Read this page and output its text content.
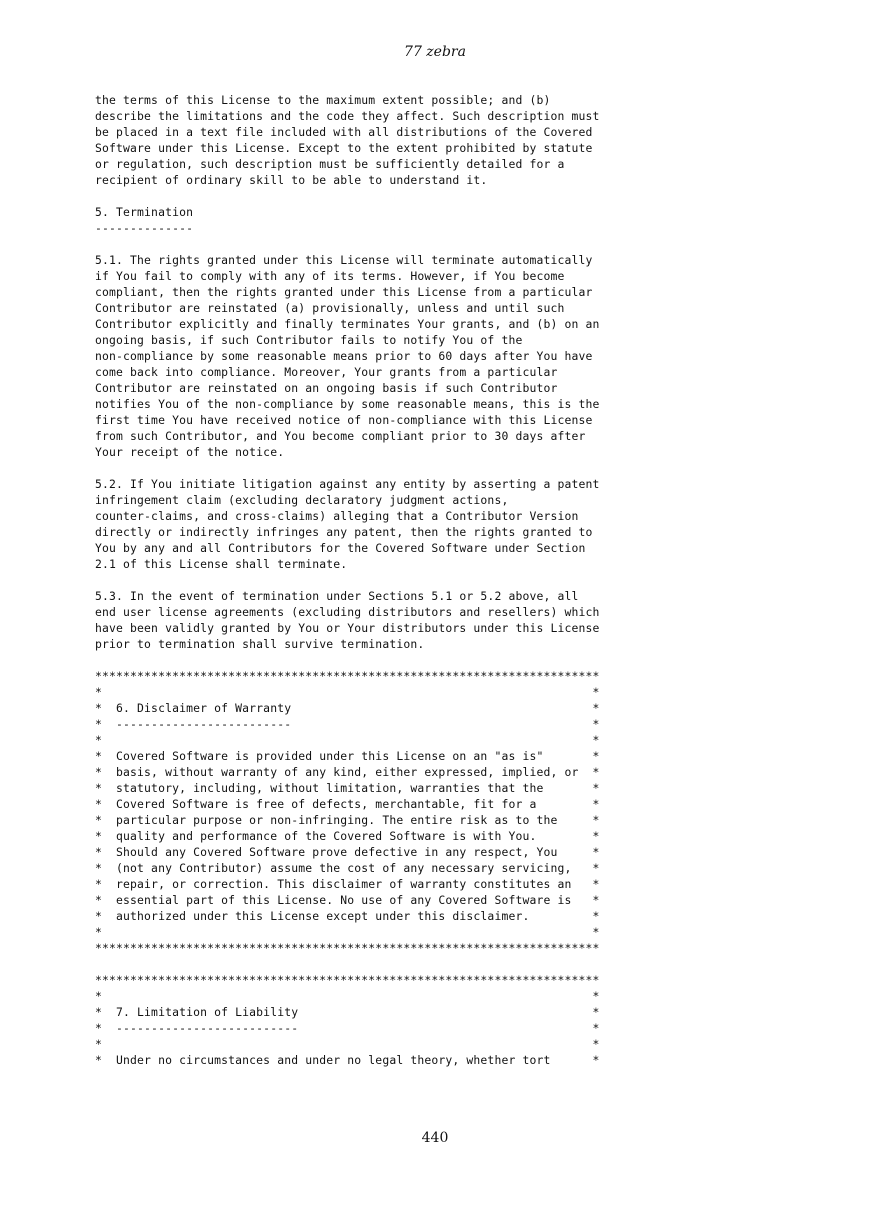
77 zebra
the terms of this License to the maximum extent possible; and (b)
describe the limitations and the code they affect. Such description must
be placed in a text file included with all distributions of the Covered
Software under this License. Except to the extent prohibited by statute
or regulation, such description must be sufficiently detailed for a
recipient of ordinary skill to be able to understand it.
5. Termination
--------------
5.1. The rights granted under this License will terminate automatically
if You fail to comply with any of its terms. However, if You become
compliant, then the rights granted under this License from a particular
Contributor are reinstated (a) provisionally, unless and until such
Contributor explicitly and finally terminates Your grants, and (b) on an
ongoing basis, if such Contributor fails to notify You of the
non-compliance by some reasonable means prior to 60 days after You have
come back into compliance. Moreover, Your grants from a particular
Contributor are reinstated on an ongoing basis if such Contributor
notifies You of the non-compliance by some reasonable means, this is the
first time You have received notice of non-compliance with this License
from such Contributor, and You become compliant prior to 30 days after
Your receipt of the notice.
5.2. If You initiate litigation against any entity by asserting a patent
infringement claim (excluding declaratory judgment actions,
counter-claims, and cross-claims) alleging that a Contributor Version
directly or indirectly infringes any patent, then the rights granted to
You by any and all Contributors for the Covered Software under Section
2.1 of this License shall terminate.
5.3. In the event of termination under Sections 5.1 or 5.2 above, all
end user license agreements (excluding distributors and resellers) which
have been validly granted by You or Your distributors under this License
prior to termination shall survive termination.
************************************************************************
*                                                                      *
*  6. Disclaimer of Warranty                                           *
*  -------------------------                                           *
*                                                                      *
*  Covered Software is provided under this License on an "as is"       *
*  basis, without warranty of any kind, either expressed, implied, or  *
*  statutory, including, without limitation, warranties that the       *
*  Covered Software is free of defects, merchantable, fit for a        *
*  particular purpose or non-infringing. The entire risk as to the     *
*  quality and performance of the Covered Software is with You.        *
*  Should any Covered Software prove defective in any respect, You     *
*  (not any Contributor) assume the cost of any necessary servicing,   *
*  repair, or correction. This disclaimer of warranty constitutes an   *
*  essential part of this License. No use of any Covered Software is   *
*  authorized under this License except under this disclaimer.         *
*                                                                      *
************************************************************************
************************************************************************
*                                                                      *
*  7. Limitation of Liability                                          *
*  --------------------------                                          *
*                                                                      *
*  Under no circumstances and under no legal theory, whether tort      *
440
